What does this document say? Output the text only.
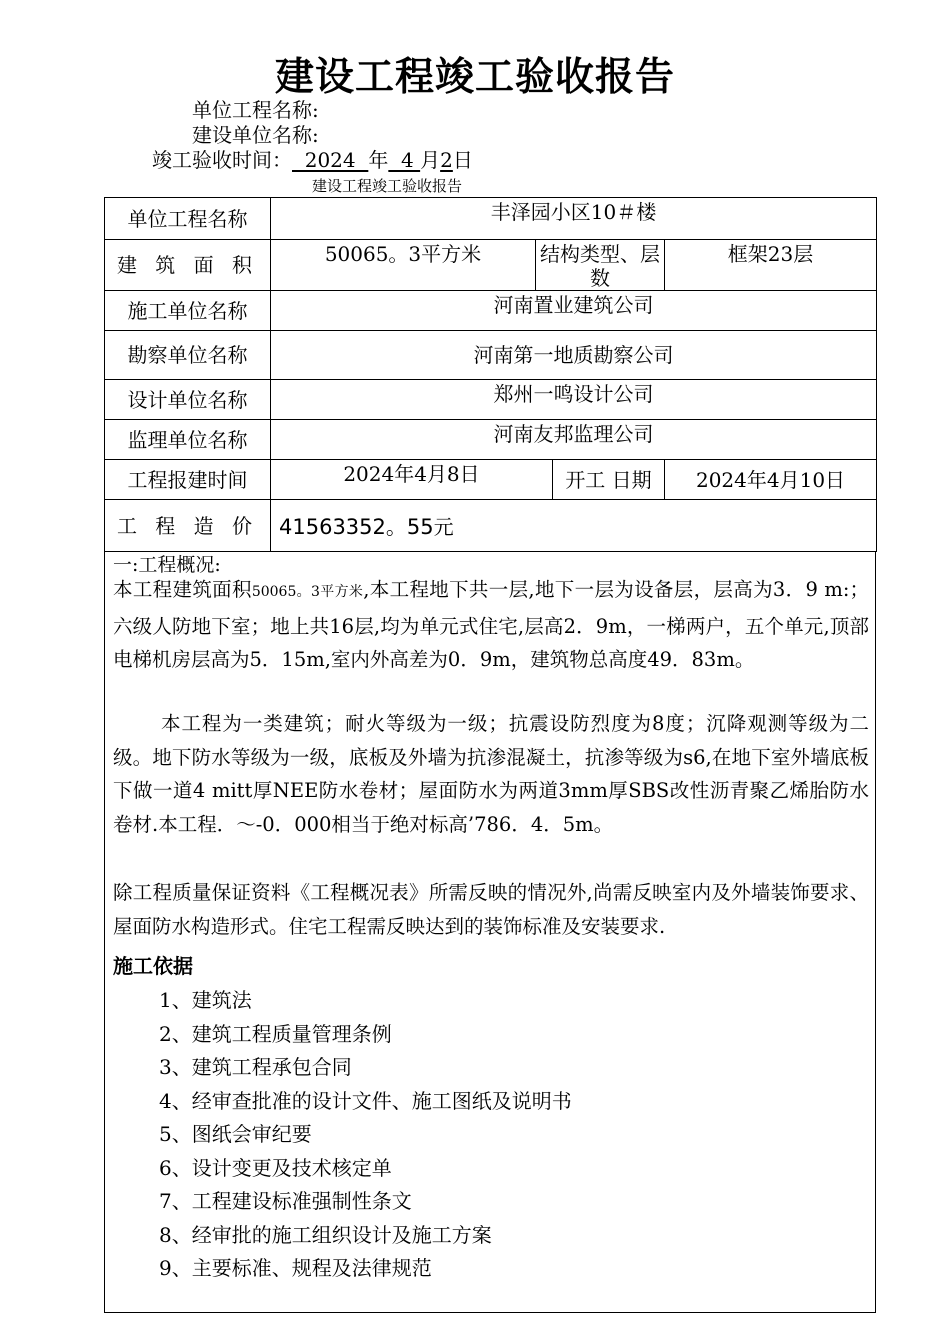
建设工程竣工验收报告
单位工程名称:
建设单位名称:
竣工验收时间：  2024  年  4 月2日
建设工程竣工验收报告
单位工程名称	丰泽园小区10＃楼			
建 筑 面 积	50065。3平方米	结构类型、层数		框架23层
施工单位名称	河南置业建筑公司			
勘察单位名称	河南第一地质勘察公司			
设计单位名称	郑州一鸣设计公司			
监理单位名称	河南友邦监理公司			
工程报建时间	2024年4月8日		开工 日期	2024年4月10日
工 程 造 价	41563352。55元			
一:工程概况:
本工程建筑面积50065。3平方米,本工程地下共一层,地下一层为设备层，层高为3．9 m:；六级人防地下室；地上共16层,均为单元式住宅,层高2．9m，一梯两户，五个单元,顶部电梯机房层高为5．15m,室内外高差为0．9m，建筑物总高度49．83m。
本工程为一类建筑；耐火等级为一级；抗震设防烈度为8度；沉降观测等级为二级。地下防水等级为一级，底板及外墙为抗渗混凝土，抗渗等级为s6,在地下室外墙底板下做一道4 mitt厚NEE防水卷材；屋面防水为两道3mm厚SBS改性沥青聚乙烯胎防水卷材.本工程．～-0．000相当于绝对标高’786．4．5m。
除工程质量保证资料《工程概况表》所需反映的情况外,尚需反映室内及外墙装饰要求、屋面防水构造形式。住宅工程需反映达到的装饰标准及安装要求.
施工依据
1、建筑法
2、建筑工程质量管理条例
3、建筑工程承包合同
4、经审查批准的设计文件、施工图纸及说明书
5、图纸会审纪要
6、设计变更及技术核定单
7、工程建设标准强制性条文
8、经审批的施工组织设计及施工方案
9、主要标准、规程及法律规范
